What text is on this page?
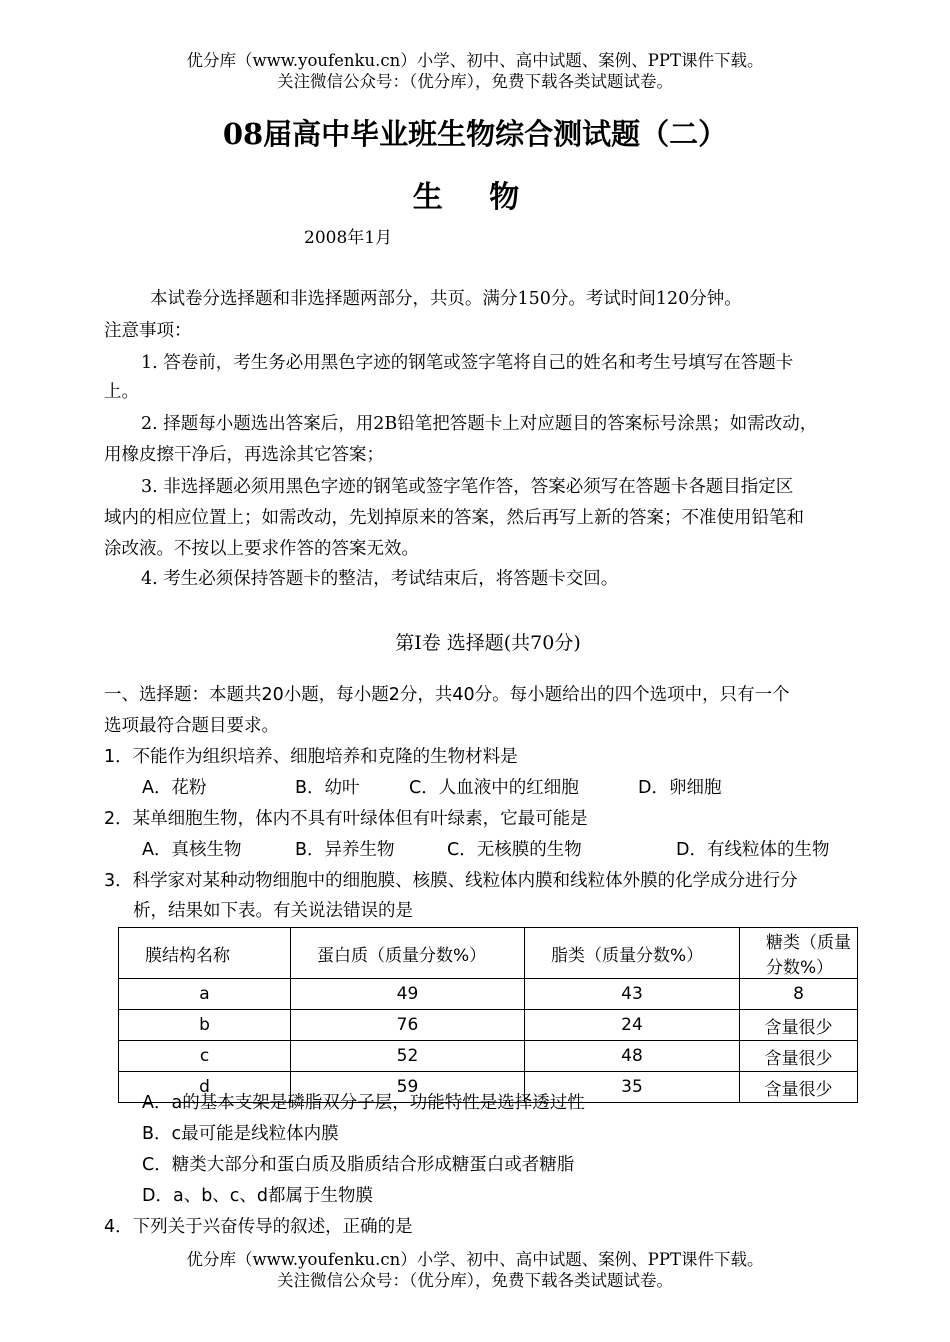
优分库（www.youfenku.cn）小学、初中、高中试题、案例、PPT课件下载。
关注微信公众号：（优分库），免费下载各类试题试卷。
08届高中毕业班生物综合测试题（二）
生 物
2008年1月
本试卷分选择题和非选择题两部分，共页。满分150分。考试时间120分钟。
注意事项：
1. 答卷前，考生务必用黑色字迹的钢笔或签字笔将自己的姓名和考生号填写在答题卡
上。
2. 择题每小题选出答案后，用2B铅笔把答题卡上对应题目的答案标号涂黑；如需改动，
用橡皮擦干净后，再选涂其它答案；
3. 非选择题必须用黑色字迹的钢笔或签字笔作答，答案必须写在答题卡各题目指定区
域内的相应位置上；如需改动，先划掉原来的答案，然后再写上新的答案；不准使用铅笔和
涂改液。不按以上要求作答的答案无效。
4. 考生必须保持答题卡的整洁，考试结束后，将答题卡交回。
第I卷 选择题(共70分)
一、选择题：本题共20小题，每小题2分，共40分。每小题给出的四个选项中，只有一个
选项最符合题目要求。
1．不能作为组织培养、细胞培养和克隆的生物材料是
A．花粉	B．幼叶	C．人血液中的红细胞	D．卵细胞
2．某单细胞生物，体内不具有叶绿体但有叶绿素，它最可能是
A．真核生物	B．异养生物	C．无核膜的生物	D．有线粒体的生物
3．科学家对某种动物细胞中的细胞膜、核膜、线粒体内膜和线粒体外膜的化学成分进行分
析，结果如下表。有关说法错误的是
膜结构名称	蛋白质（质量分数%）	脂类（质量分数%）	糖类（质量分数%）
a	49	43	8
b	76	24	含量很少
c	52	48	含量很少
d	59	35	含量很少
A．a的基本支架是磷脂双分子层，功能特性是选择透过性
B．c最可能是线粒体内膜
C．糖类大部分和蛋白质及脂质结合形成糖蛋白或者糖脂
D．a、b、c、d都属于生物膜
4．下列关于兴奋传导的叙述，正确的是
优分库（www.youfenku.cn）小学、初中、高中试题、案例、PPT课件下载。
关注微信公众号：（优分库），免费下载各类试题试卷。
